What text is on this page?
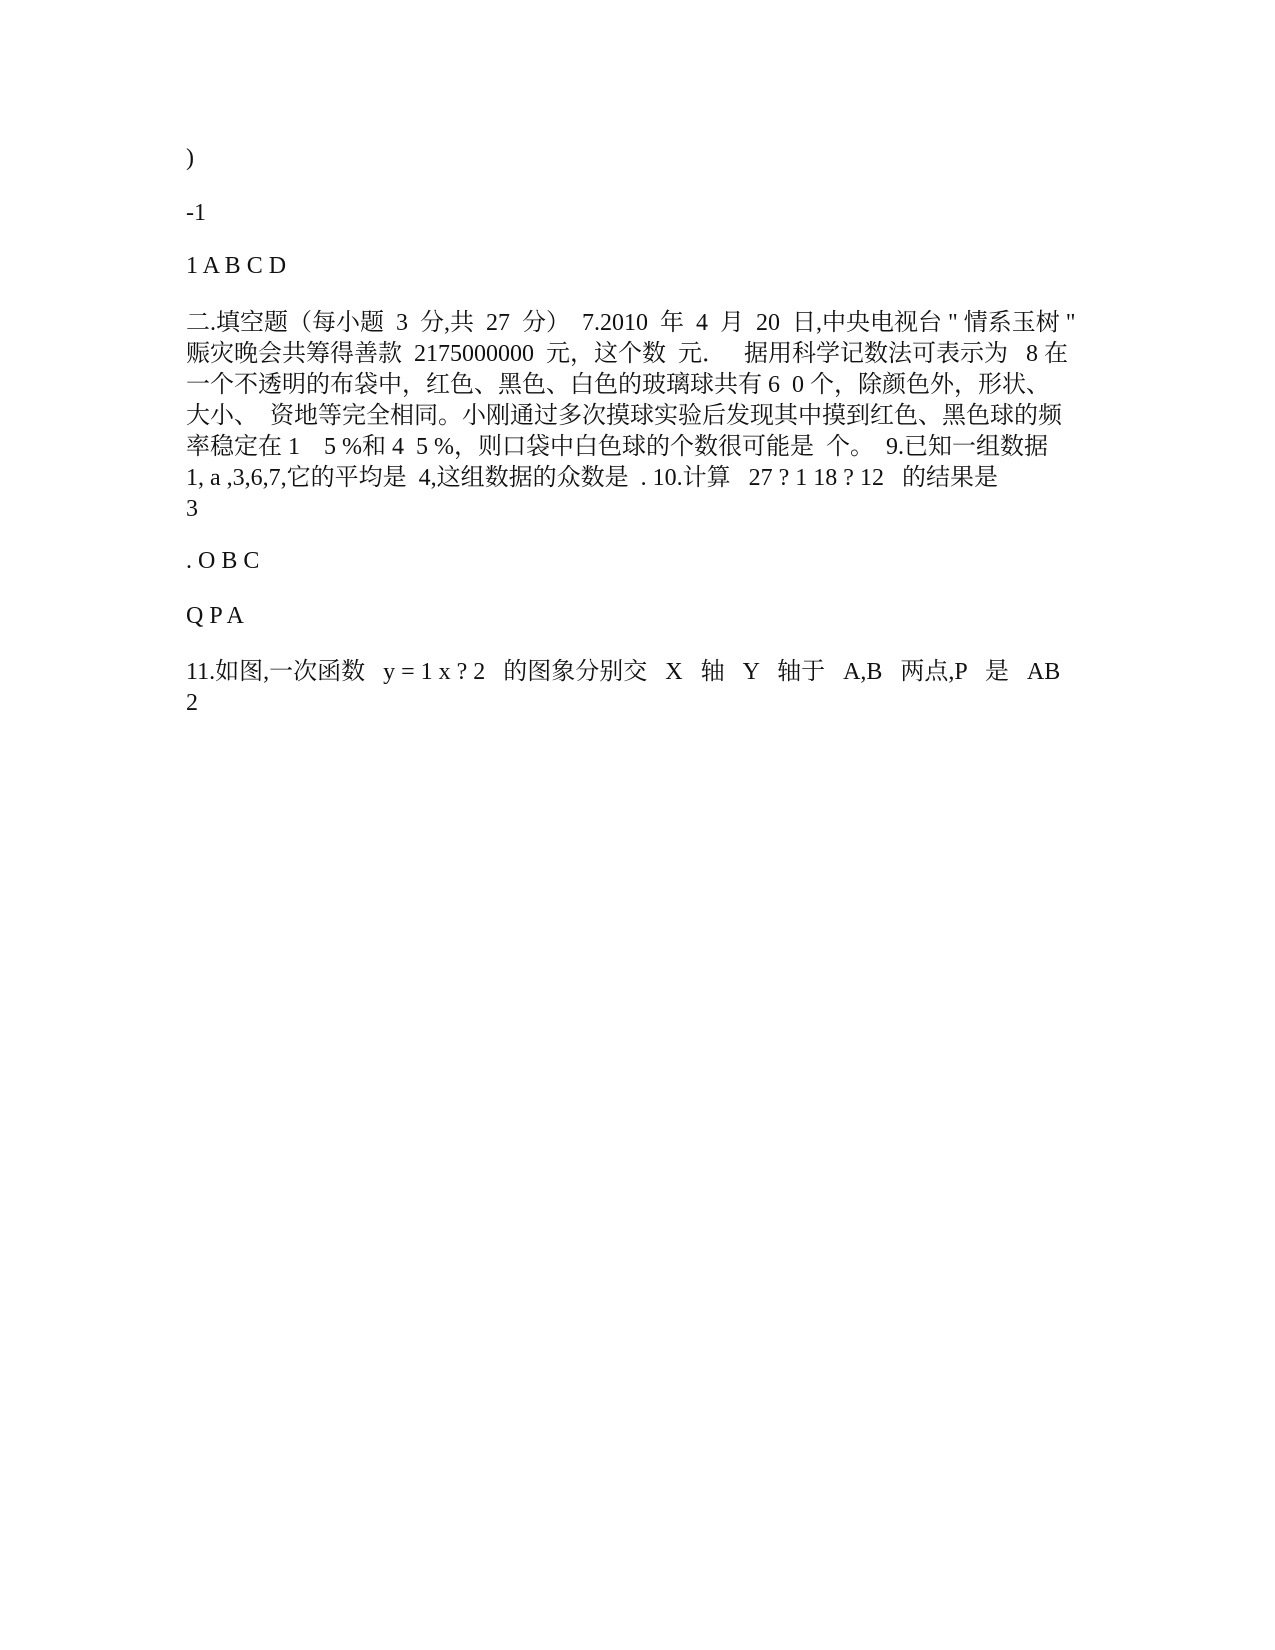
)
-1
1 A B C D
二.填空题（每小题  3  分,共  27  分）  7.2010  年  4  月  20  日,中央电视台 " 情系玉树 "
赈灾晚会共筹得善款  2175000000  元，这个数  元．   据用科学记数法可表示为   8 在
一个不透明的布袋中，红色、黑色、白色的玻璃球共有 6  0 个，除颜色外，形状、
大小、  资地等完全相同。小刚通过多次摸球实验后发现其中摸到红色、黑色球的频
率稳定在 1    5 %和 4  5 %，则口袋中白色球的个数很可能是  个。  9.已知一组数据
1, a ,3,6,7,它的平均是  4,这组数据的众数是  . 10.计算   27 ? 1 18 ? 12   的结果是
3
. O B C
Q P A
11.如图,一次函数   y = 1 x ? 2   的图象分别交   X   轴   Y   轴于   A,B   两点,P   是   AB
2
